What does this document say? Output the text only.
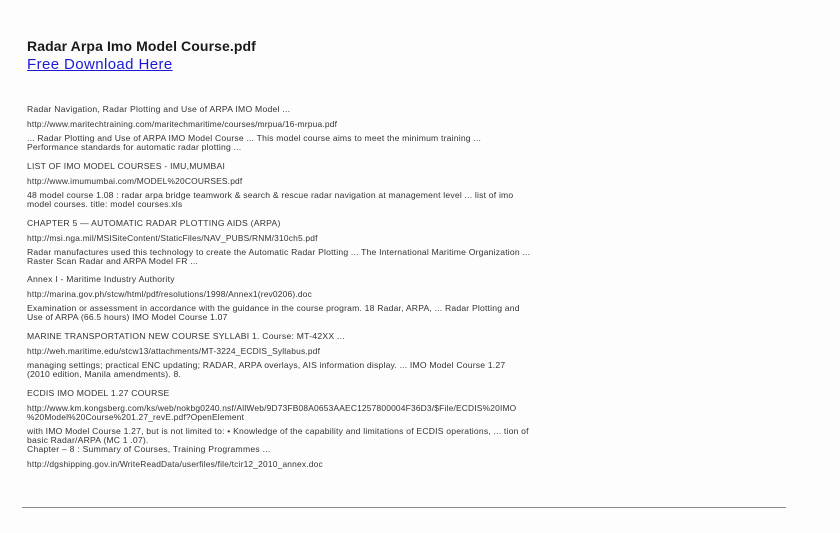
Radar Arpa Imo Model Course.pdf
Free Download Here
Radar Navigation, Radar Plotting and Use of ARPA IMO Model ...
http://www.maritechtraining.com/maritechmaritime/courses/mrpua/16-mrpua.pdf
... Radar Plotting and Use of ARPA IMO Model Course ... This model course aims to meet the minimum training ...
Performance standards for automatic radar plotting ...
LIST OF IMO MODEL COURSES - IMU,MUMBAI
http://www.imumumbai.com/MODEL%20COURSES.pdf
48 model course 1.08 : radar arpa bridge teamwork & search & rescue radar navigation at management level ... list of imo
model courses. title: model courses.xls
CHAPTER 5 — AUTOMATIC RADAR PLOTTING AIDS (ARPA)
http://msi.nga.mil/MSISiteContent/StaticFiles/NAV_PUBS/RNM/310ch5.pdf
Radar manufactures used this technology to create the Automatic Radar Plotting ... The International Maritime Organization ...
Raster Scan Radar and ARPA Model FR ...
Annex I - Maritime Industry Authority
http://marina.gov.ph/stcw/html/pdf/resolutions/1998/Annex1(rev0206).doc
Examination or assessment in accordance with the guidance in the course program. 18 Radar, ARPA, ... Radar Plotting and
Use of ARPA (66.5 hours) IMO Model Course 1.07
MARINE TRANSPORTATION NEW COURSE SYLLABI 1. Course: MT-42XX ...
http://weh.maritime.edu/stcw13/attachments/MT-3224_ECDIS_Syllabus.pdf
managing settings; practical ENC updating; RADAR, ARPA overlays, AIS information display. ... IMO Model Course 1.27
(2010 edition, Manila amendments). 8.
ECDIS IMO MODEL 1.27 COURSE
http://www.km.kongsberg.com/ks/web/nokbg0240.nsf/AllWeb/9D73FB08A0653AAEC1257800004F36D3/$File/ECDIS%20IMO
%20Model%20Course%201.27_revE.pdf?OpenElement
with IMO Model Course 1.27, but is not limited to: • Knowledge of the capability and limitations of ECDIS operations, ... tion of
basic Radar/ARPA (MC 1 .07).
Chapter – 8 : Summary of Courses, Training Programmes ...
http://dgshipping.gov.in/WriteReadData/userfiles/file/tcir12_2010_annex.doc
